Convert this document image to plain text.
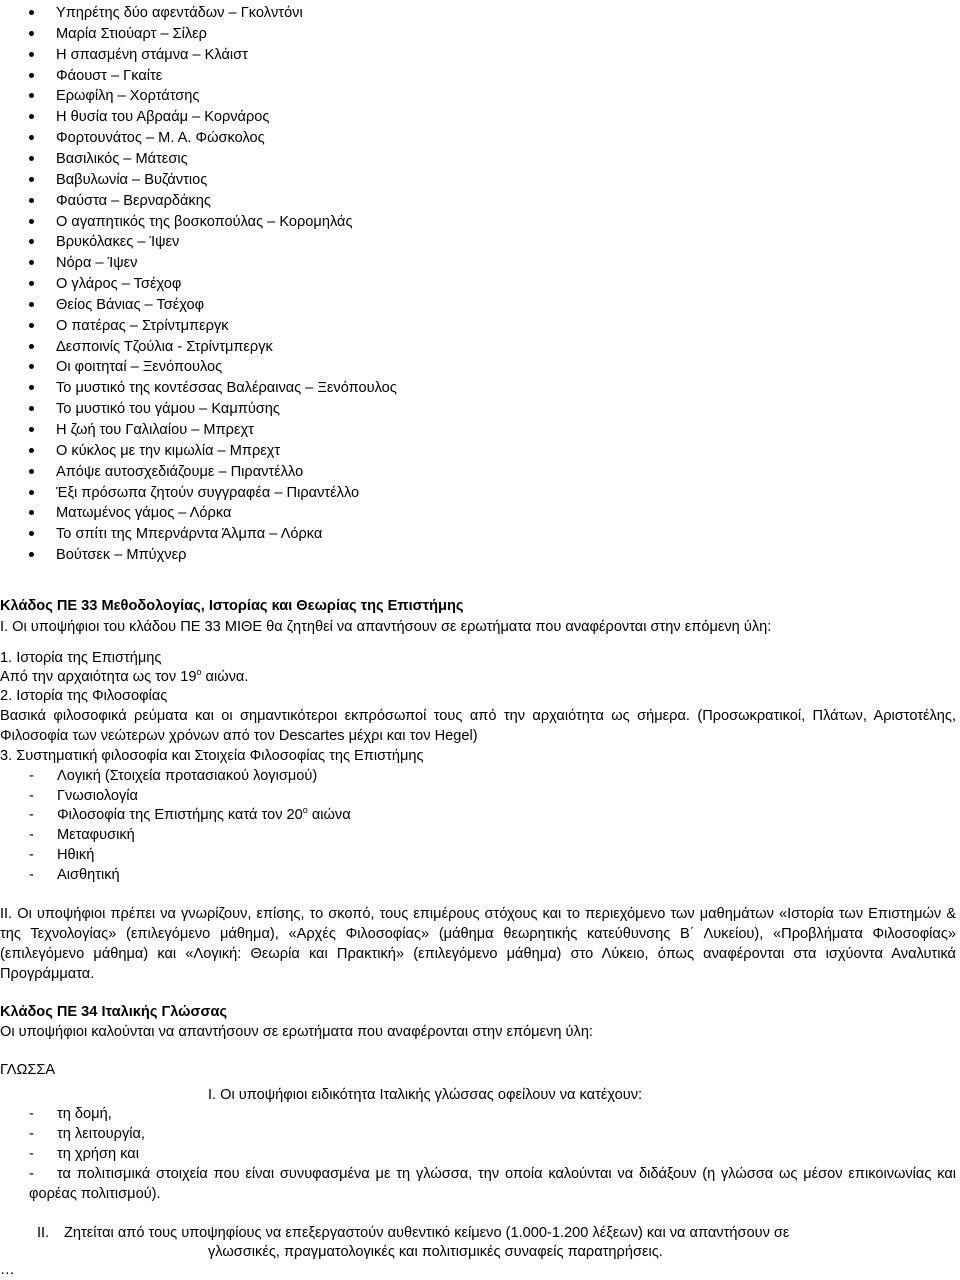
Υπηρέτης δύο αφεντάδων – Γκολντόνι
Μαρία Στιούαρτ – Σίλερ
Η σπασμένη στάμνα – Κλάιστ
Φάουστ – Γκαίτε
Ερωφίλη – Χορτάτσης
Η θυσία του Αβραάμ – Κορνάρος
Φορτουνάτος – Μ. Α. Φώσκολος
Βασιλικός – Μάτεσις
Βαβυλωνία – Βυζάντιος
Φαύστα – Βερναρδάκης
Ο αγαπητικός της βοσκοπούλας – Κορομηλάς
Βρυκόλακες – Ίψεν
Νόρα – Ίψεν
Ο γλάρος – Τσέχοφ
Θείος Βάνιας – Τσέχοφ
Ο πατέρας – Στρίντμπεργκ
Δεσποινίς Τζούλια - Στρίντμπεργκ
Οι φοιτηταί – Ξενόπουλος
Το μυστικό της κοντέσσας Βαλέραινας – Ξενόπουλος
Το μυστικό του γάμου – Καμπύσης
Η ζωή του Γαλιλαίου – Μπρεχτ
Ο κύκλος με την κιμωλία – Μπρεχτ
Απόψε αυτοσχεδιάζουμε – Πιραντέλλο
Έξι πρόσωπα ζητούν συγγραφέα – Πιραντέλλο
Ματωμένος γάμος – Λόρκα
Το σπίτι της Μπερνάρντα Άλμπα – Λόρκα
Βούτσεκ – Μπύχνερ
Κλάδος ΠΕ 33 Μεθοδολογίας, Ιστορίας και Θεωρίας της Επιστήμης
I. Οι υποψήφιοι του κλάδου ΠΕ 33 ΜΙΘΕ θα ζητηθεί να απαντήσουν σε ερωτήματα που αναφέρονται στην επόμενη ύλη:
1. Ιστορία της Επιστήμης
Από την αρχαιότητα ως τον $19^o$ αιώνα.
2. Ιστορία της Φιλοσοφίας
Βασικά φιλοσοφικά ρεύματα και οι σημαντικότεροι εκπρόσωποί τους από την αρχαιότητα ως σήμερα. (Προσωκρατικοί, Πλάτων, Αριστοτέλης, Φιλοσοφία των νεώτερων χρόνων από τον Descartes μέχρι και τον Hegel)
3. Συστηματική φιλοσοφία και Στοιχεία Φιλοσοφίας της Επιστήμης
- Λογική (Στοιχεία προτασιακού λογισμού)
- Γνωσιολογία
- Φιλοσοφία της Επιστήμης κατά τον $20^o$ αιώνα
- Μεταφυσική
- Ηθική
- Αισθητική
II. Οι υποψήφιοι πρέπει να γνωρίζουν, επίσης, το σκοπό, τους επιμέρους στόχους και το περιεχόμενο των μαθημάτων «Ιστορία των Επιστημών & της Τεχνολογίας» (επιλεγόμενο μάθημα), «Αρχές Φιλοσοφίας» (μάθημα θεωρητικής κατεύθυνσης Β΄ Λυκείου), «Προβλήματα Φιλοσοφίας» (επιλεγόμενο μάθημα) και «Λογική: Θεωρία και Πρακτική» (επιλεγόμενο μάθημα) στο Λύκειο, όπως αναφέρονται στα ισχύοντα Αναλυτικά Προγράμματα.
Κλάδος ΠΕ 34 Ιταλικής Γλώσσας
Οι υποψήφιοι καλούνται να απαντήσουν σε ερωτήματα που αναφέρονται στην επόμενη ύλη:
ΓΛΩΣΣΑ
I. Οι υποψήφιοι ειδικότητα Ιταλικής γλώσσας οφείλουν να κατέχουν:
- τη δομή,
- τη λειτουργία,
- τη χρήση και
-	τα πολιτισμικά στοιχεία που είναι συνυφασμένα με τη γλώσσα, την οποία καλούνται να διδάξουν (η γλώσσα ως μέσον επικοινωνίας και φορέας πολιτισμού).
II. Ζητείται από τους υποψηφίους να επεξεργαστούν αυθεντικό κείμενο (1.000-1.200 λέξεων) και να απαντήσουν σε
γλωσσικές, πραγματολογικές και πολιτισμικές συναφείς παρατηρήσεις.
…
